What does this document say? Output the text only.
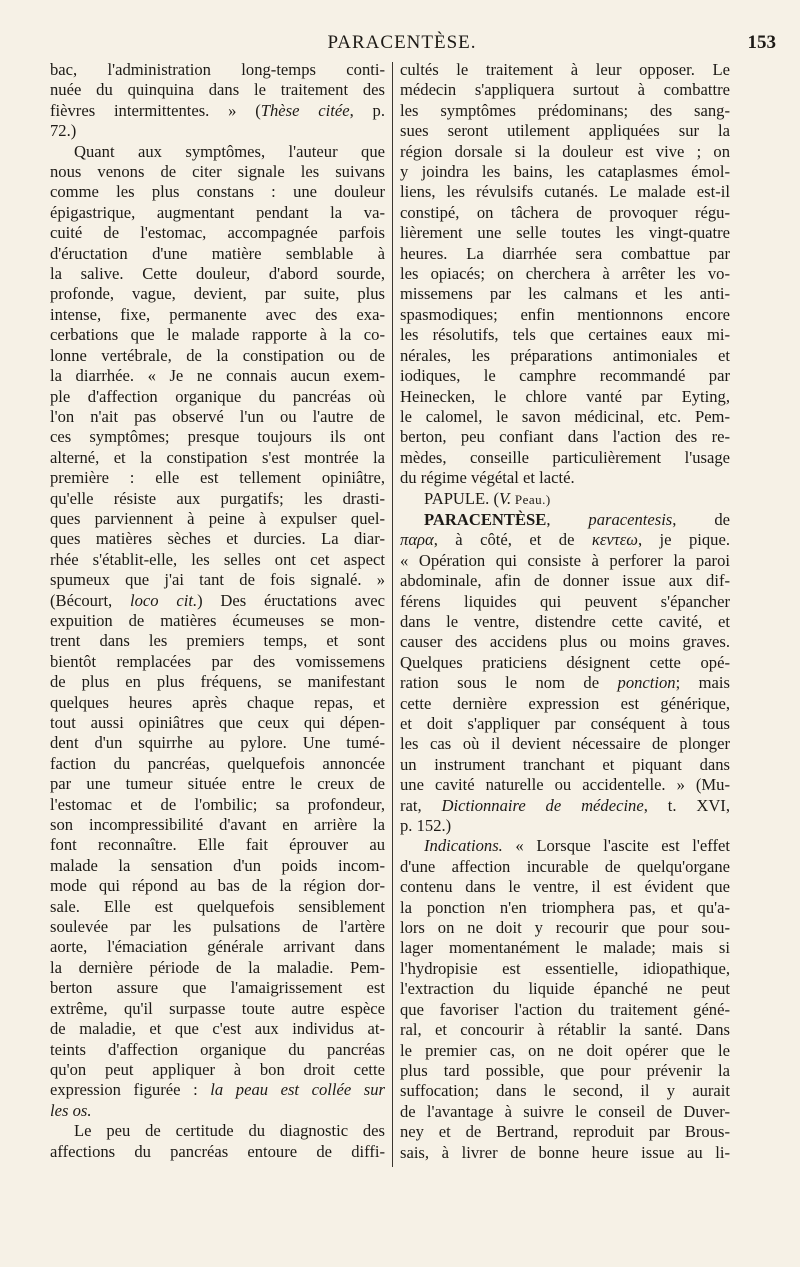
PARACENTÈSE.	153
bac, l'administration long-temps conti-
nuée du quinquina dans le traitement des
fièvres intermittentes. » (Thèse citée, p.
72.)
Quant aux symptômes, l'auteur que
nous venons de citer signale les suivans
comme les plus constans : une douleur
épigastrique, augmentant pendant la va-
cuité de l'estomac, accompagnée parfois
d'éructation d'une matière semblable à
la salive. Cette douleur, d'abord sourde,
profonde, vague, devient, par suite, plus
intense, fixe, permanente avec des exa-
cerbations que le malade rapporte à la co-
lonne vertébrale, de la constipation ou de
la diarrhée. « Je ne connais aucun exem-
ple d'affection organique du pancréas où
l'on n'ait pas observé l'un ou l'autre de
ces symptômes; presque toujours ils ont
alterné, et la constipation s'est montrée la
première : elle est tellement opiniâtre,
qu'elle résiste aux purgatifs; les drasti-
ques parviennent à peine à expulser quel-
ques matières sèches et durcies. La diar-
rhée s'établit-elle, les selles ont cet aspect
spumeux que j'ai tant de fois signalé. »
(Bécourt, loco cit.) Des éructations avec
expuition de matières écumeuses se mon-
trent dans les premiers temps, et sont
bientôt remplacées par des vomissemens
de plus en plus fréquens, se manifestant
quelques heures après chaque repas, et
tout aussi opiniâtres que ceux qui dépen-
dent d'un squirrhe au pylore. Une tumé-
faction du pancréas, quelquefois annoncée
par une tumeur située entre le creux de
l'estomac et de l'ombilic; sa profondeur,
son incompressibilité d'avant en arrière la
font reconnaître. Elle fait éprouver au
malade la sensation d'un poids incom-
mode qui répond au bas de la région dor-
sale. Elle est quelquefois sensiblement
soulevée par les pulsations de l'artère
aorte, l'émaciation générale arrivant dans
la dernière période de la maladie. Pem-
berton assure que l'amaigrissement est
extrême, qu'il surpasse toute autre espèce
de maladie, et que c'est aux individus at-
teints d'affection organique du pancréas
qu'on peut appliquer à bon droit cette
expression figurée : la peau est collée sur
les os.
Le peu de certitude du diagnostic des
affections du pancréas entoure de diffi-
cultés le traitement à leur opposer. Le
médecin s'appliquera surtout à combattre
les symptômes prédominans; des sang-
sues seront utilement appliquées sur la
région dorsale si la douleur est vive ; on
y joindra les bains, les cataplasmes émol-
liens, les révulsifs cutanés. Le malade est-il
constipé, on tâchera de provoquer régu-
lièrement une selle toutes les vingt-quatre
heures. La diarrhée sera combattue par
les opiacés; on cherchera à arrêter les vo-
missemens par les calmans et les anti-
spasmodiques; enfin mentionnons encore
les résolutifs, tels que certaines eaux mi-
nérales, les préparations antimoniales et
iodiques, le camphre recommandé par
Heinecken, le chlore vanté par Eyting,
le calomel, le savon médicinal, etc. Pem-
berton, peu confiant dans l'action des re-
mèdes, conseille particulièrement l'usage
du régime végétal et lacté.
PAPULE. (V. Peau.)
PARACENTÈSE, paracentesis, de
παρα, à côté, et de κεντεω, je pique.
« Opération qui consiste à perforer la paroi
abdominale, afin de donner issue aux dif-
férens liquides qui peuvent s'épancher
dans le ventre, distendre cette cavité, et
causer des accidens plus ou moins graves.
Quelques praticiens désignent cette opé-
ration sous le nom de ponction; mais
cette dernière expression est générique,
et doit s'appliquer par conséquent à tous
les cas où il devient nécessaire de plonger
un instrument tranchant et piquant dans
une cavité naturelle ou accidentelle. » (Mu-
rat, Dictionnaire de médecine, t. XVI,
p. 152.)
Indications. « Lorsque l'ascite est l'effet
d'une affection incurable de quelqu'organe
contenu dans le ventre, il est évident que
la ponction n'en triomphera pas, et qu'a-
lors on ne doit y recourir que pour sou-
lager momentanément le malade; mais si
l'hydropisie est essentielle, idiopathique,
l'extraction du liquide épanché ne peut
que favoriser l'action du traitement géné-
ral, et concourir à rétablir la santé. Dans
le premier cas, on ne doit opérer que le
plus tard possible, que pour prévenir la
suffocation; dans le second, il y aurait
de l'avantage à suivre le conseil de Duver-
ney et de Bertrand, reproduit par Brous-
sais, à livrer de bonne heure issue au li-
